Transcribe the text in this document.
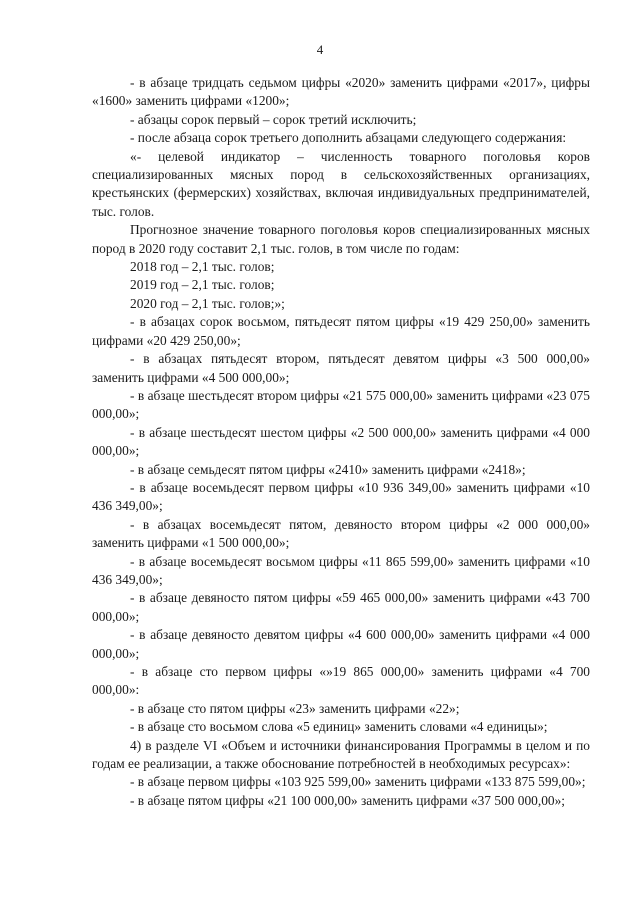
4

- в абзаце тридцать седьмом цифры «2020» заменить цифрами «2017», цифры «1600» заменить цифрами «1200»;

- абзацы сорок первый – сорок третий исключить;

- после абзаца сорок третьего дополнить абзацами следующего содержания:

«- целевой индикатор – численность товарного поголовья коров специализированных мясных пород в сельскохозяйственных организациях, крестьянских (фермерских) хозяйствах, включая индивидуальных предпринимателей, тыс. голов.

Прогнозное значение товарного поголовья коров специализированных мясных пород в 2020 году составит 2,1 тыс. голов, в том числе по годам:

2018 год – 2,1 тыс. голов;

2019 год – 2,1 тыс. голов;

2020 год – 2,1 тыс. голов;»;

- в абзацах сорок восьмом, пятьдесят пятом цифры «19 429 250,00» заменить цифрами «20 429 250,00»;

- в абзацах пятьдесят втором, пятьдесят девятом цифры «3 500 000,00» заменить цифрами «4 500 000,00»;

- в абзаце шестьдесят втором цифры «21 575 000,00» заменить цифрами «23 075 000,00»;

- в абзаце шестьдесят шестом цифры «2 500 000,00» заменить цифрами «4 000 000,00»;

- в абзаце семьдесят пятом цифры «2410» заменить цифрами «2418»;

- в абзаце восемьдесят первом цифры «10 936 349,00» заменить цифрами «10 436 349,00»;

- в абзацах восемьдесят пятом, девяносто втором цифры «2 000 000,00» заменить цифрами «1 500 000,00»;

- в абзаце восемьдесят восьмом цифры «11 865 599,00» заменить цифрами «10 436 349,00»;

- в абзаце девяносто пятом цифры «59 465 000,00» заменить цифрами «43 700 000,00»;

- в абзаце девяносто девятом цифры «4 600 000,00» заменить цифрами «4 000 000,00»;

- в абзаце сто первом цифры «»19 865 000,00» заменить цифрами «4 700 000,00»:

- в абзаце сто пятом цифры «23» заменить цифрами «22»;

- в абзаце сто восьмом слова «5 единиц» заменить словами «4 единицы»;

4) в разделе VI «Объем и источники финансирования Программы в целом и по годам ее реализации, а также обоснование потребностей в необходимых ресурсах»:

- в абзаце первом цифры «103 925 599,00» заменить цифрами «133 875 599,00»;

- в абзаце пятом цифры «21 100 000,00» заменить цифрами «37 500 000,00»;
